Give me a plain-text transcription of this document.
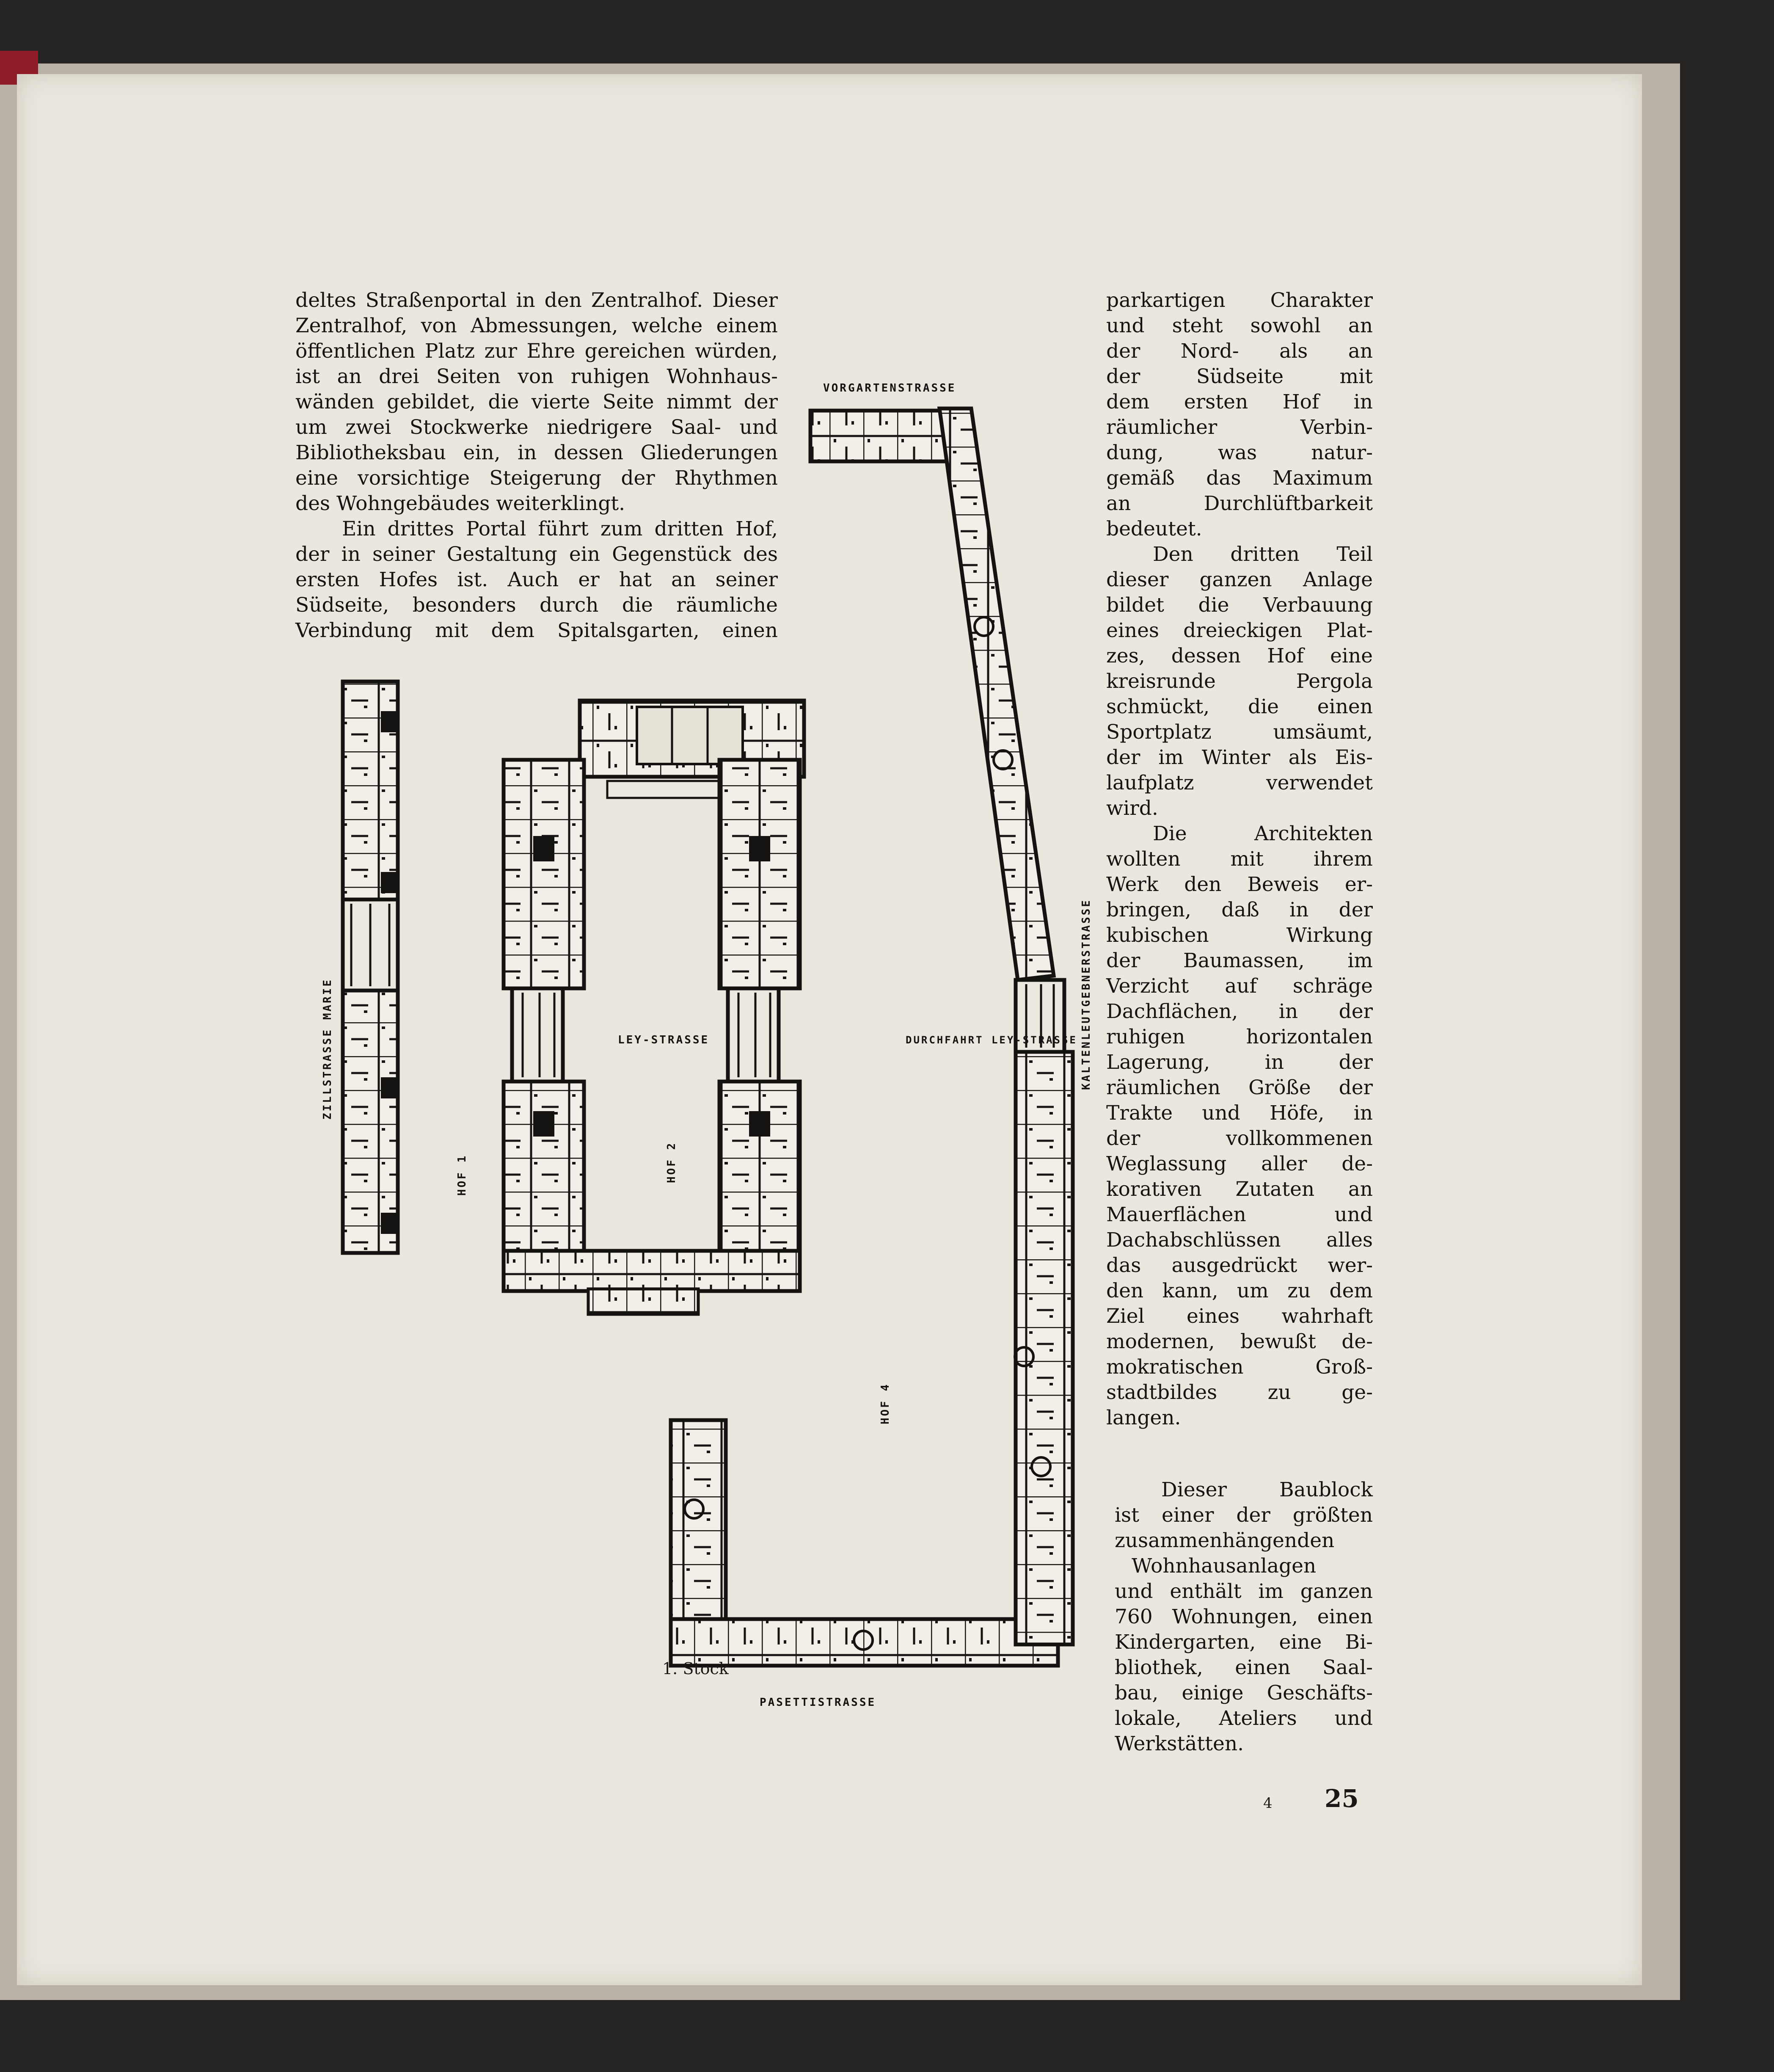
deltes Straßenportal in den Zentralhof. Dieser
Zentralhof, von Abmessungen, welche einem
öffentlichen Platz zur Ehre gereichen würden,
ist an drei Seiten von ruhigen Wohnhaus-
wänden gebildet, die vierte Seite nimmt der
um zwei Stockwerke niedrigere Saal- und
Bibliotheksbau ein, in dessen Gliederungen
eine vorsichtige Steigerung der Rhythmen
des Wohngebäudes weiterklingt.
Ein drittes Portal führt zum dritten Hof,
der in seiner Gestaltung ein Gegenstück des
ersten Hofes ist. Auch er hat an seiner
Südseite, besonders durch die räumliche
Verbindung mit dem Spitalsgarten, einen
parkartigen Charakter
und steht sowohl an
der Nord- als an
der Südseite mit
dem ersten Hof in
räumlicher Verbin-
dung, was natur-
gemäß das Maximum
an Durchlüftbarkeit
bedeutet.
Den dritten Teil
dieser ganzen Anlage
bildet die Verbauung
eines dreieckigen Plat-
zes, dessen Hof eine
kreisrunde Pergola
schmückt, die einen
Sportplatz umsäumt,
der im Winter als Eis-
laufplatz verwendet
wird.
Die Architekten
wollten mit ihrem
Werk den Beweis er-
bringen, daß in der
kubischen Wirkung
der Baumassen, im
Verzicht auf schräge
Dachflächen, in der
ruhigen horizontalen
Lagerung, in der
räumlichen Größe der
Trakte und Höfe, in
der vollkommenen
Weglassung aller de-
korativen Zutaten an
Mauerflächen und
Dachabschlüssen alles
das ausgedrückt wer-
den kann, um zu dem
Ziel eines wahrhaft
modernen, bewußt de-
mokratischen Groß-
stadtbildes zu ge-
langen.
Dieser Baublock
ist einer der größten
zusammenhängenden
Wohnhausanlagen
und enthält im ganzen
760 Wohnungen, einen
Kindergarten, eine Bi-
bliothek, einen Saal-
bau, einige Geschäfts-
lokale, Ateliers und
Werkstätten.
VORGARTENSTRASSE
PASETTISTRASSE
LEY-STRASSE	DURCHFAHRT LEY-STRASSE
ZILLSTRASSE MARIE	KALTENLEUTGEBNERSTRASSE
HOF 1	HOF 2
HOF 4
1. Stock
4 25
